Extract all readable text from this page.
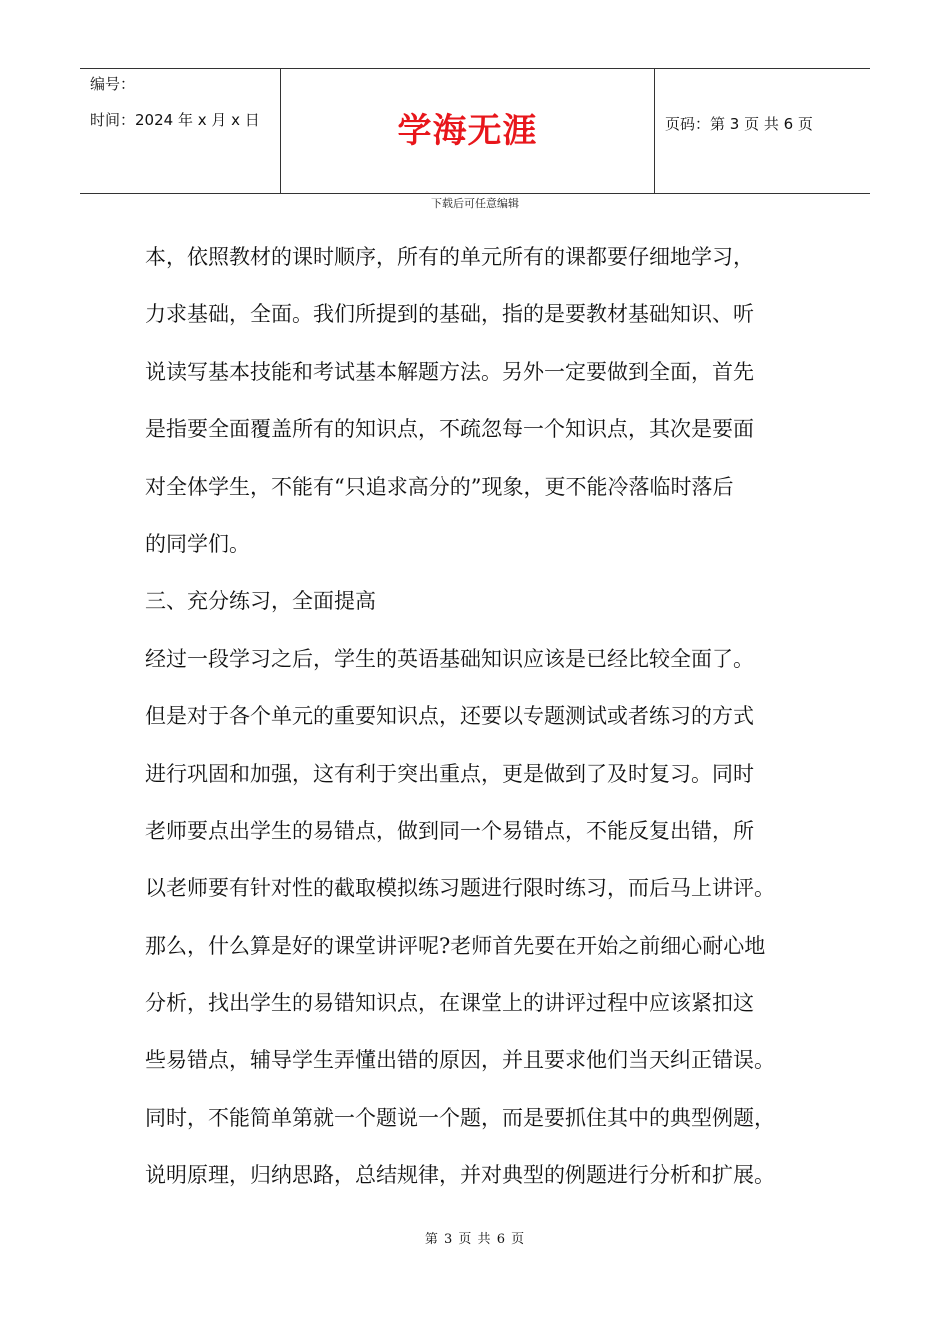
编号：
时间：2024 年 x 月 x 日	学海无涯	页码：第 3 页 共 6 页
下载后可任意编辑
本，依照教材的课时顺序，所有的单元所有的课都要仔细地学习，
力求基础，全面。我们所提到的基础，指的是要教材基础知识、听
说读写基本技能和考试基本解题方法。另外一定要做到全面，首先
是指要全面覆盖所有的知识点，不疏忽每一个知识点，其次是要面
对全体学生，不能有“只追求高分的”现象，更不能冷落临时落后
的同学们。
三、充分练习，全面提高
经过一段学习之后，学生的英语基础知识应该是已经比较全面了。
但是对于各个单元的重要知识点，还要以专题测试或者练习的方式
进行巩固和加强，这有利于突出重点，更是做到了及时复习。同时
老师要点出学生的易错点，做到同一个易错点，不能反复出错，所
以老师要有针对性的截取模拟练习题进行限时练习，而后马上讲评。
那么，什么算是好的课堂讲评呢?老师首先要在开始之前细心耐心地
分析，找出学生的易错知识点，在课堂上的讲评过程中应该紧扣这
些易错点，辅导学生弄懂出错的原因，并且要求他们当天纠正错误。
同时，不能简单第就一个题说一个题，而是要抓住其中的典型例题，
说明原理，归纳思路，总结规律，并对典型的例题进行分析和扩展。
第 3 页 共 6 页
